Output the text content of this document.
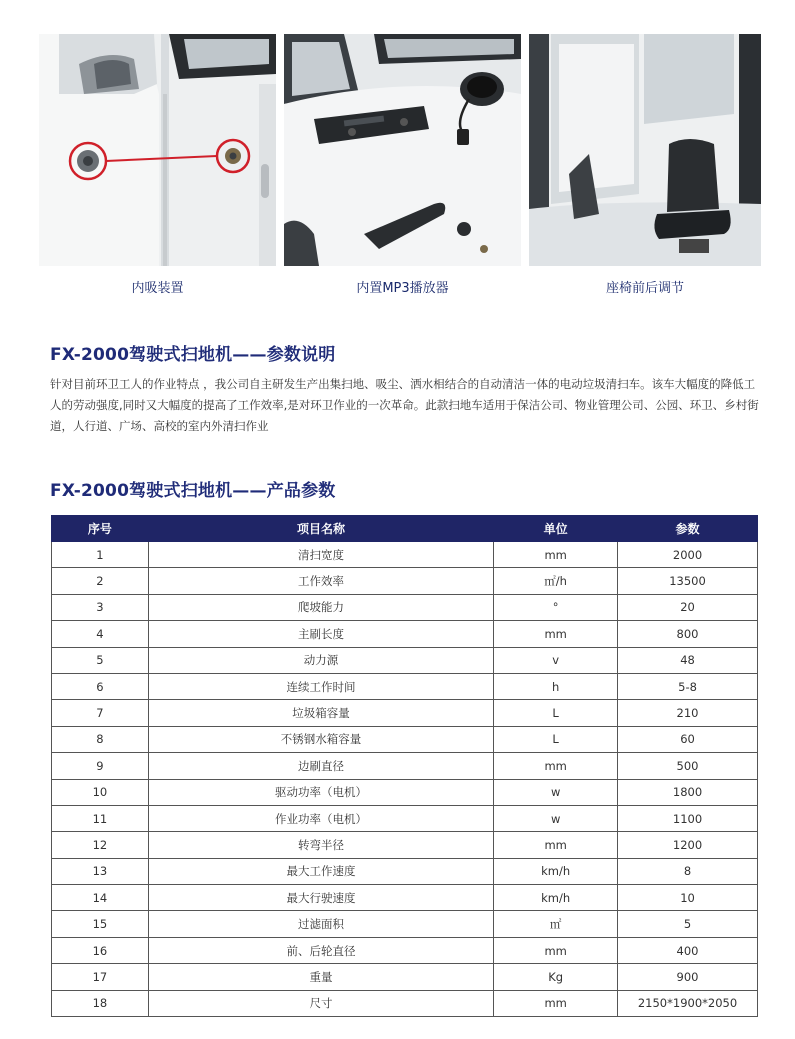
内吸装置	内置MP3播放器	座椅前后调节
FX-2000驾驶式扫地机——参数说明

针对目前环卫工人的作业特点 ，我公司自主研发生产出集扫地、吸尘、洒水相结合的自动清洁一体的电动垃圾清扫车。该车大幅度的降低工人的劳动强度,同时又大幅度的提高了工作效率,是对环卫作业的一次革命。此款扫地车适用于保洁公司、物业管理公司、公园、环卫、乡村街道，人行道、广场、高校的室内外清扫作业

FX-2000驾驶式扫地机——产品参数
序号	项目名称	单位	参数
1	清扫宽度	mm	2000
2	工作效率	㎡/h	13500
3	爬坡能力	°	20
4	主刷长度	mm	800
5	动力源	v	48
6	连续工作时间	h	5-8
7	垃圾箱容量	L	210
8	不锈钢水箱容量	L	60
9	边刷直径	mm	500
10	驱动功率（电机）	w	1800
11	作业功率（电机）	w	1100
12	转弯半径	mm	1200
13	最大工作速度	km/h	8
14	最大行驶速度	km/h	10
15	过滤面积	㎡	5
16	前、后轮直径	mm	400
17	重量	Kg	900
18	尺寸	mm	2150*1900*2050
